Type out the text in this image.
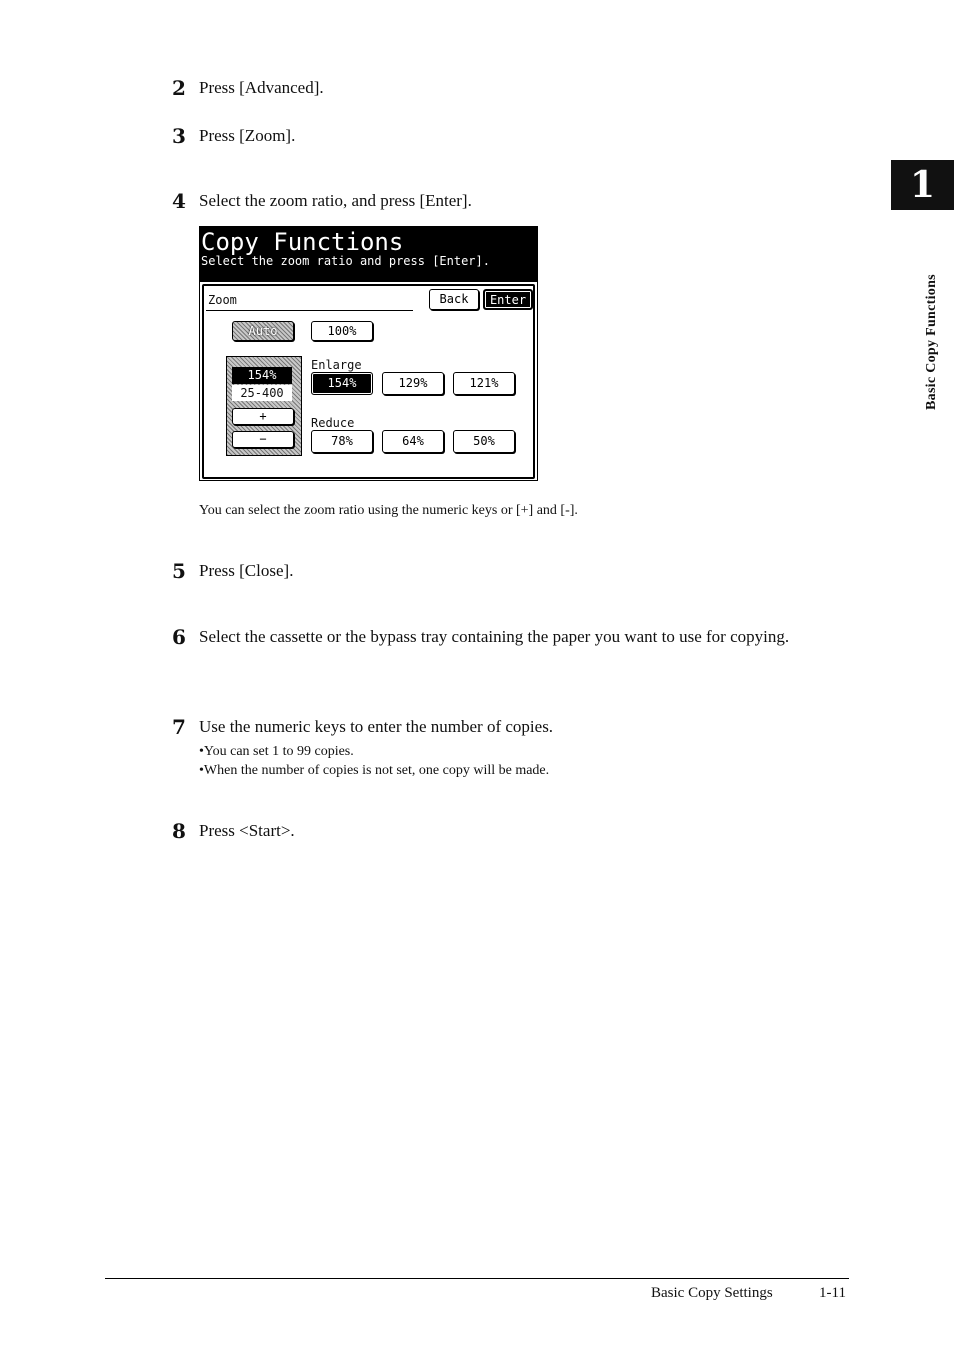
2 Press [Advanced].
3 Press [Zoom].
4 Select the zoom ratio, and press [Enter].
Copy Functions
Select the zoom ratio and press [Enter].
Zoom	Back	Enter
Auto	100%
154%
25-400
+
−
Enlarge
154%	129%	121%
Reduce
78%	64%	50%
You can select the zoom ratio using the numeric keys or [+] and [-].
5 Press [Close].
6 Select the cassette or the bypass tray containing the paper you want to use for copying.
7 Use the numeric keys to enter the number of copies.
•You can set 1 to 99 copies.
•When the number of copies is not set, one copy will be made.
8 Press <Start>.
1
Basic Copy Functions
Basic Copy Settings	1-11
